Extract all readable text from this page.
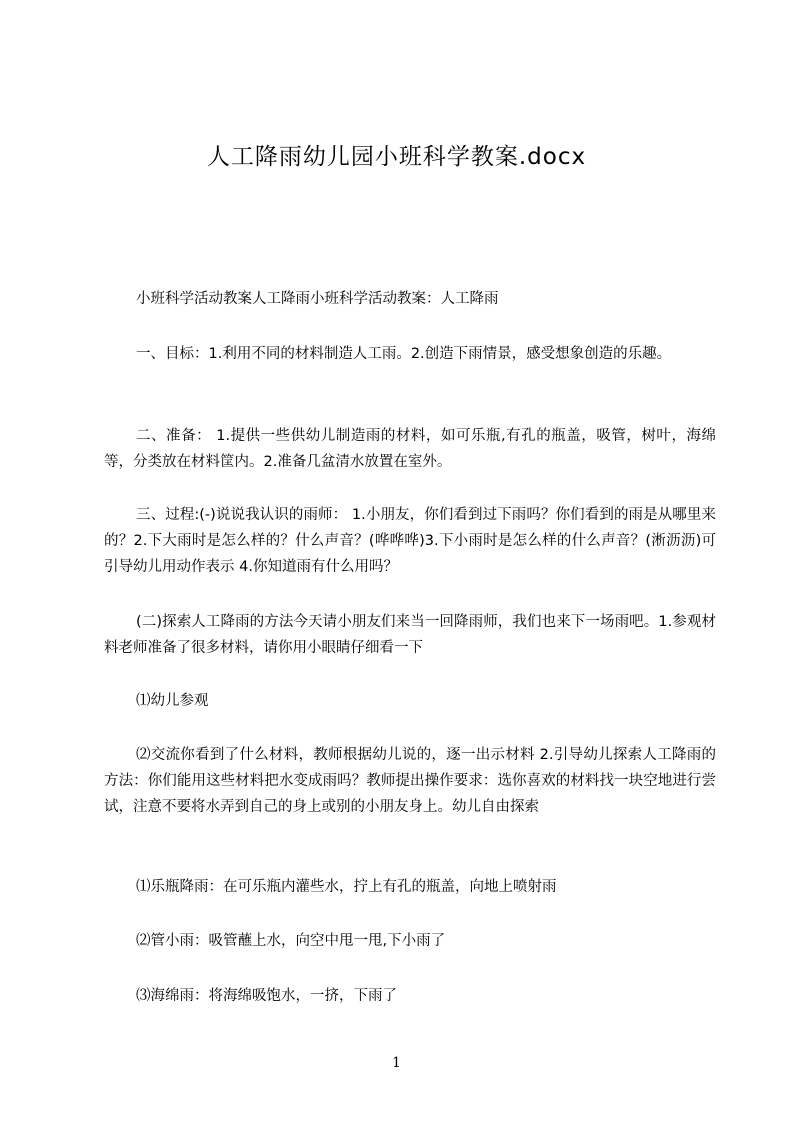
人工降雨幼儿园小班科学教案.docx

小班科学活动教案人工降雨小班科学活动教案：人工降雨

一、目标：1.利用不同的材料制造人工雨。2.创造下雨情景，感受想象创造的乐趣。

二、准备： 1.提供一些供幼儿制造雨的材料，如可乐瓶,有孔的瓶盖，吸管，树叶，海绵等，分类放在材料筐内。2.准备几盆清水放置在室外。

三、过程:(-)说说我认识的雨师： 1.小朋友，你们看到过下雨吗？你们看到的雨是从哪里来的？2.下大雨时是怎么样的？什么声音？(哗哗哗)3.下小雨时是怎么样的什么声音？(淅沥沥)可引导幼儿用动作表示 4.你知道雨有什么用吗？

(二)探索人工降雨的方法今天请小朋友们来当一回降雨师，我们也来下一场雨吧。1.参观材料老师准备了很多材料，请你用小眼睛仔细看一下

⑴幼儿参观

⑵交流你看到了什么材料，教师根据幼儿说的，逐一出示材料 2.引导幼儿探索人工降雨的方法：你们能用这些材料把水变成雨吗？教师提出操作要求：选你喜欢的材料找一块空地进行尝试，注意不要将水弄到自己的身上或别的小朋友身上。幼儿自由探索

⑴乐瓶降雨：在可乐瓶内灌些水，拧上有孔的瓶盖，向地上喷射雨

⑵管小雨：吸管蘸上水，向空中甩一甩,下小雨了

⑶海绵雨：将海绵吸饱水，一挤，下雨了

1
